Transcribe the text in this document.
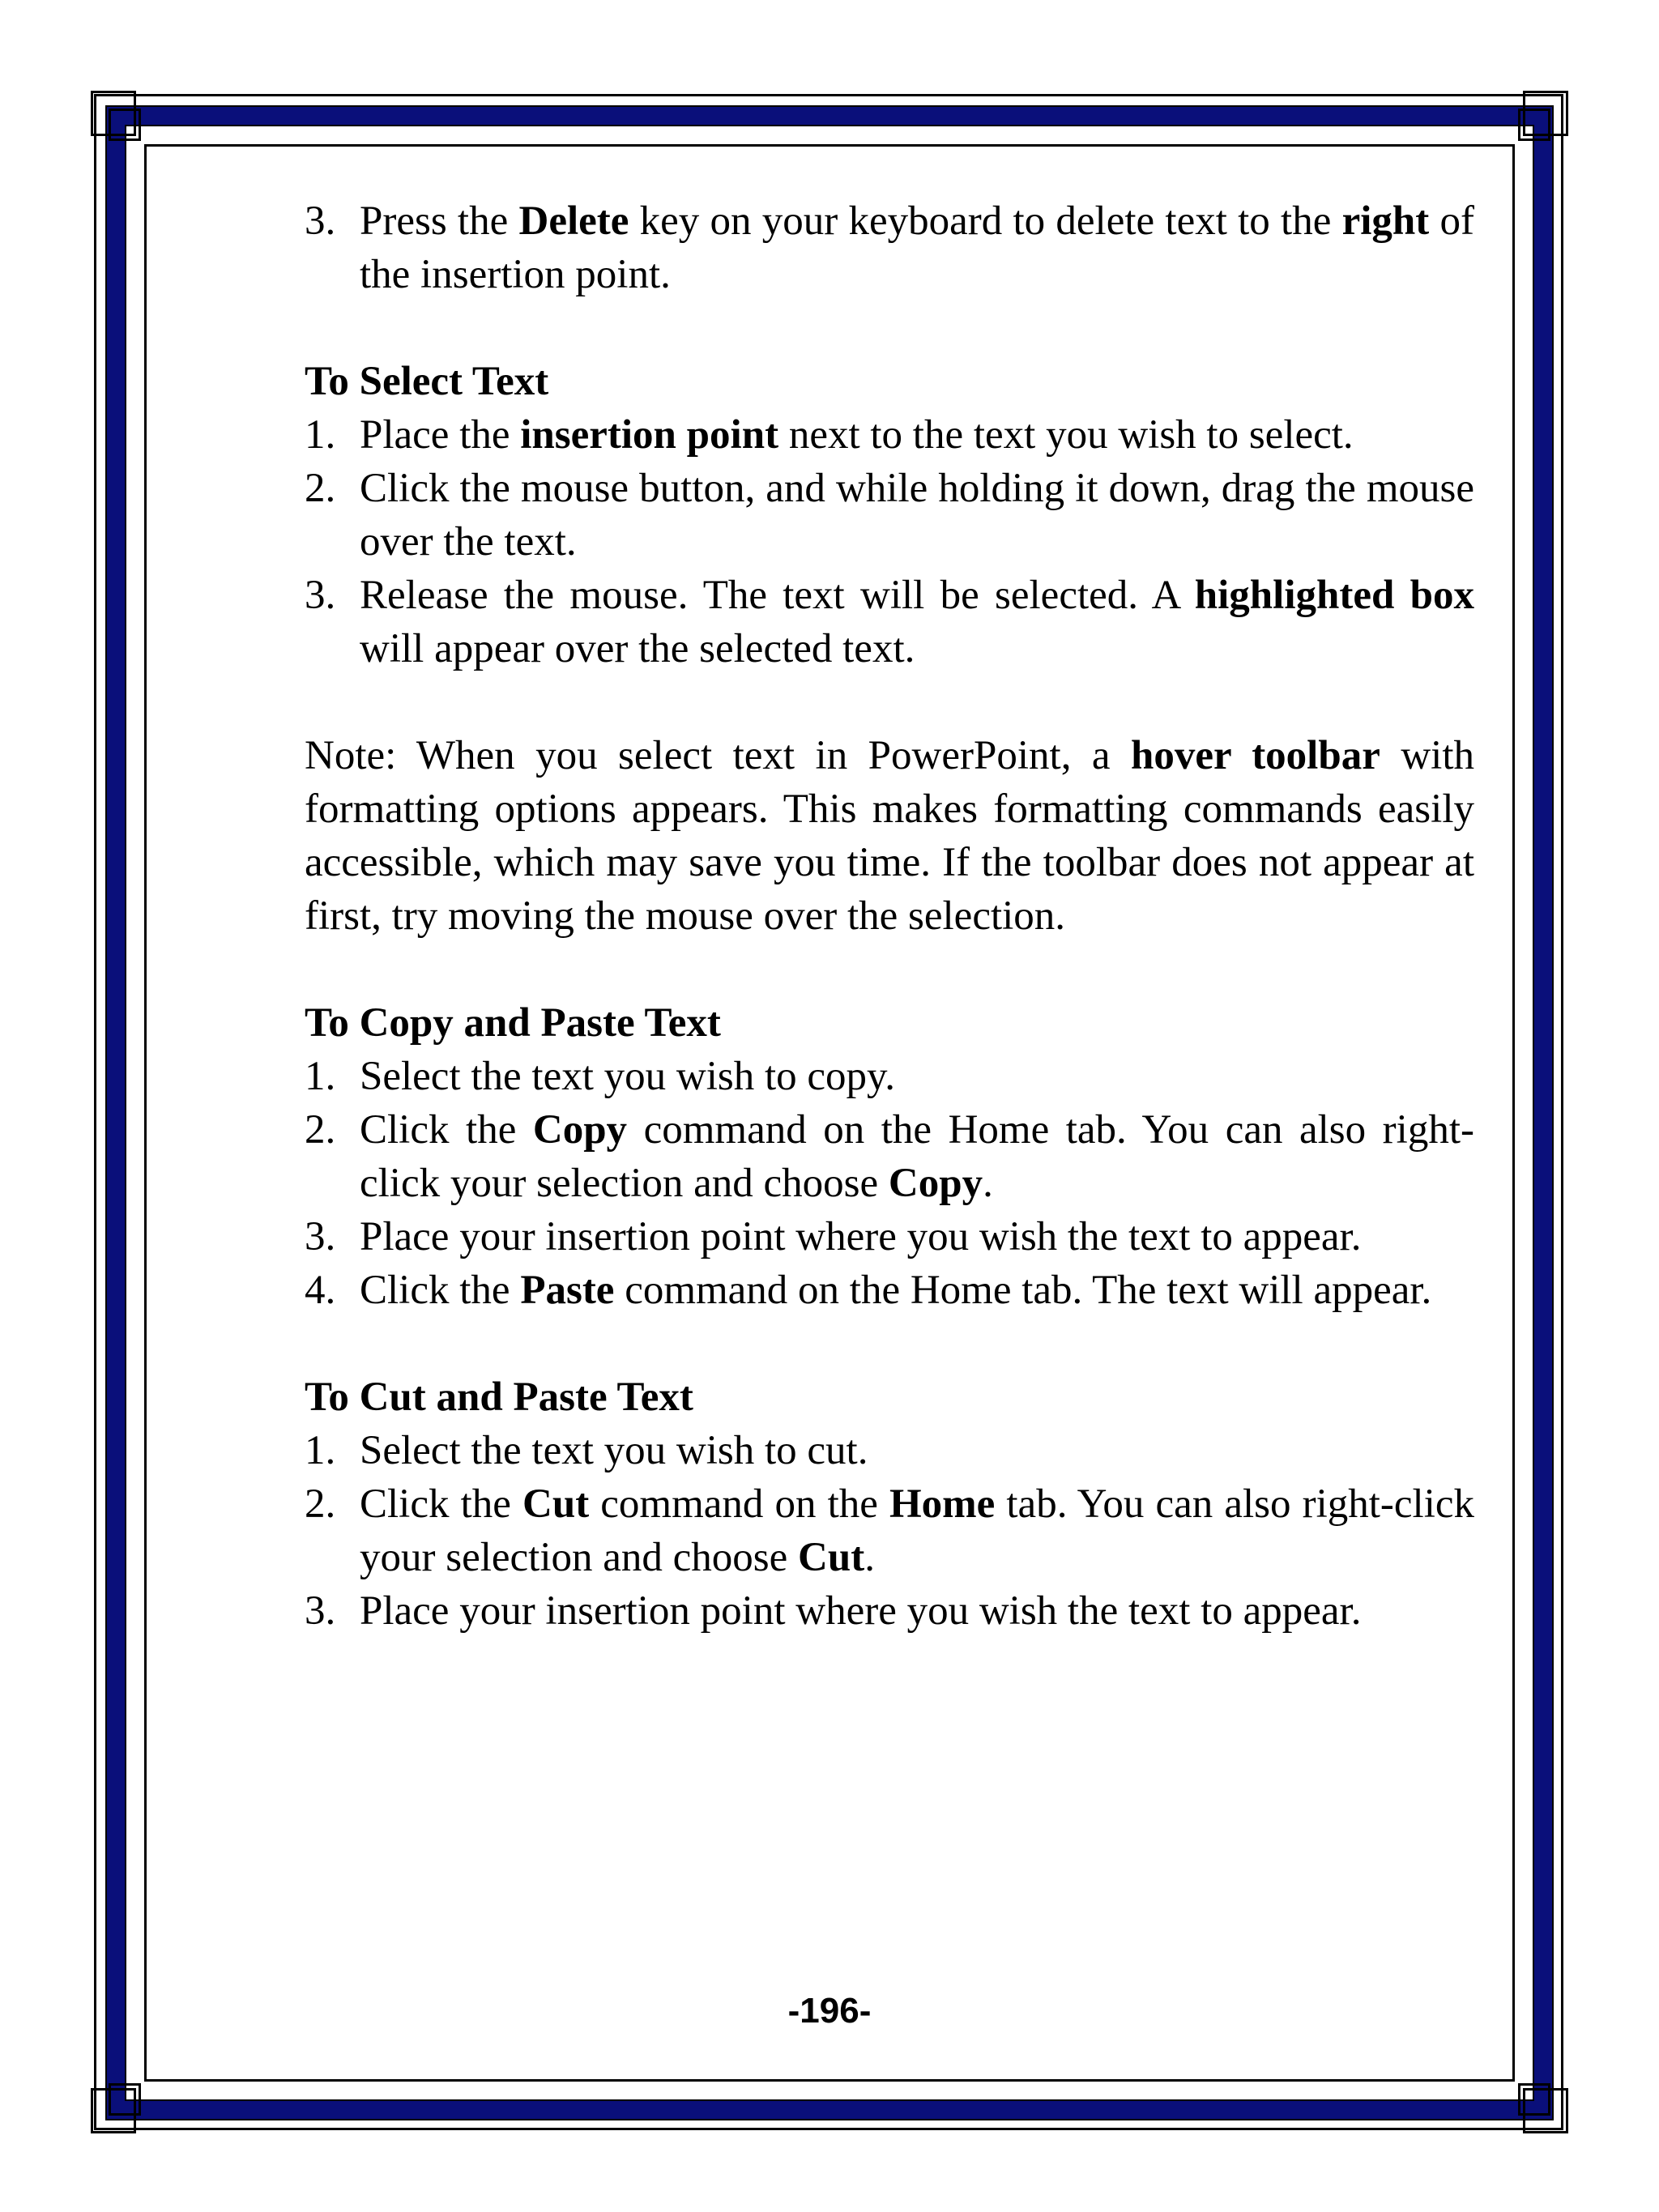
3. Press the Delete key on your keyboard to delete text to the right of the insertion point.
To Select Text
1. Place the insertion point next to the text you wish to select.
2. Click the mouse button, and while holding it down, drag the mouse over the text.
3. Release the mouse. The text will be selected. A highlighted box will appear over the selected text.
Note: When you select text in PowerPoint, a hover toolbar with formatting options appears. This makes formatting commands easily accessible, which may save you time. If the toolbar does not appear at first, try moving the mouse over the selection.
To Copy and Paste Text
1. Select the text you wish to copy.
2. Click the Copy command on the Home tab. You can also right-click your selection and choose Copy.
3. Place your insertion point where you wish the text to appear.
4. Click the Paste command on the Home tab. The text will appear.
To Cut and Paste Text
1. Select the text you wish to cut.
2. Click the Cut command on the Home tab. You can also right-click your selection and choose Cut.
3. Place your insertion point where you wish the text to appear.
-196-
